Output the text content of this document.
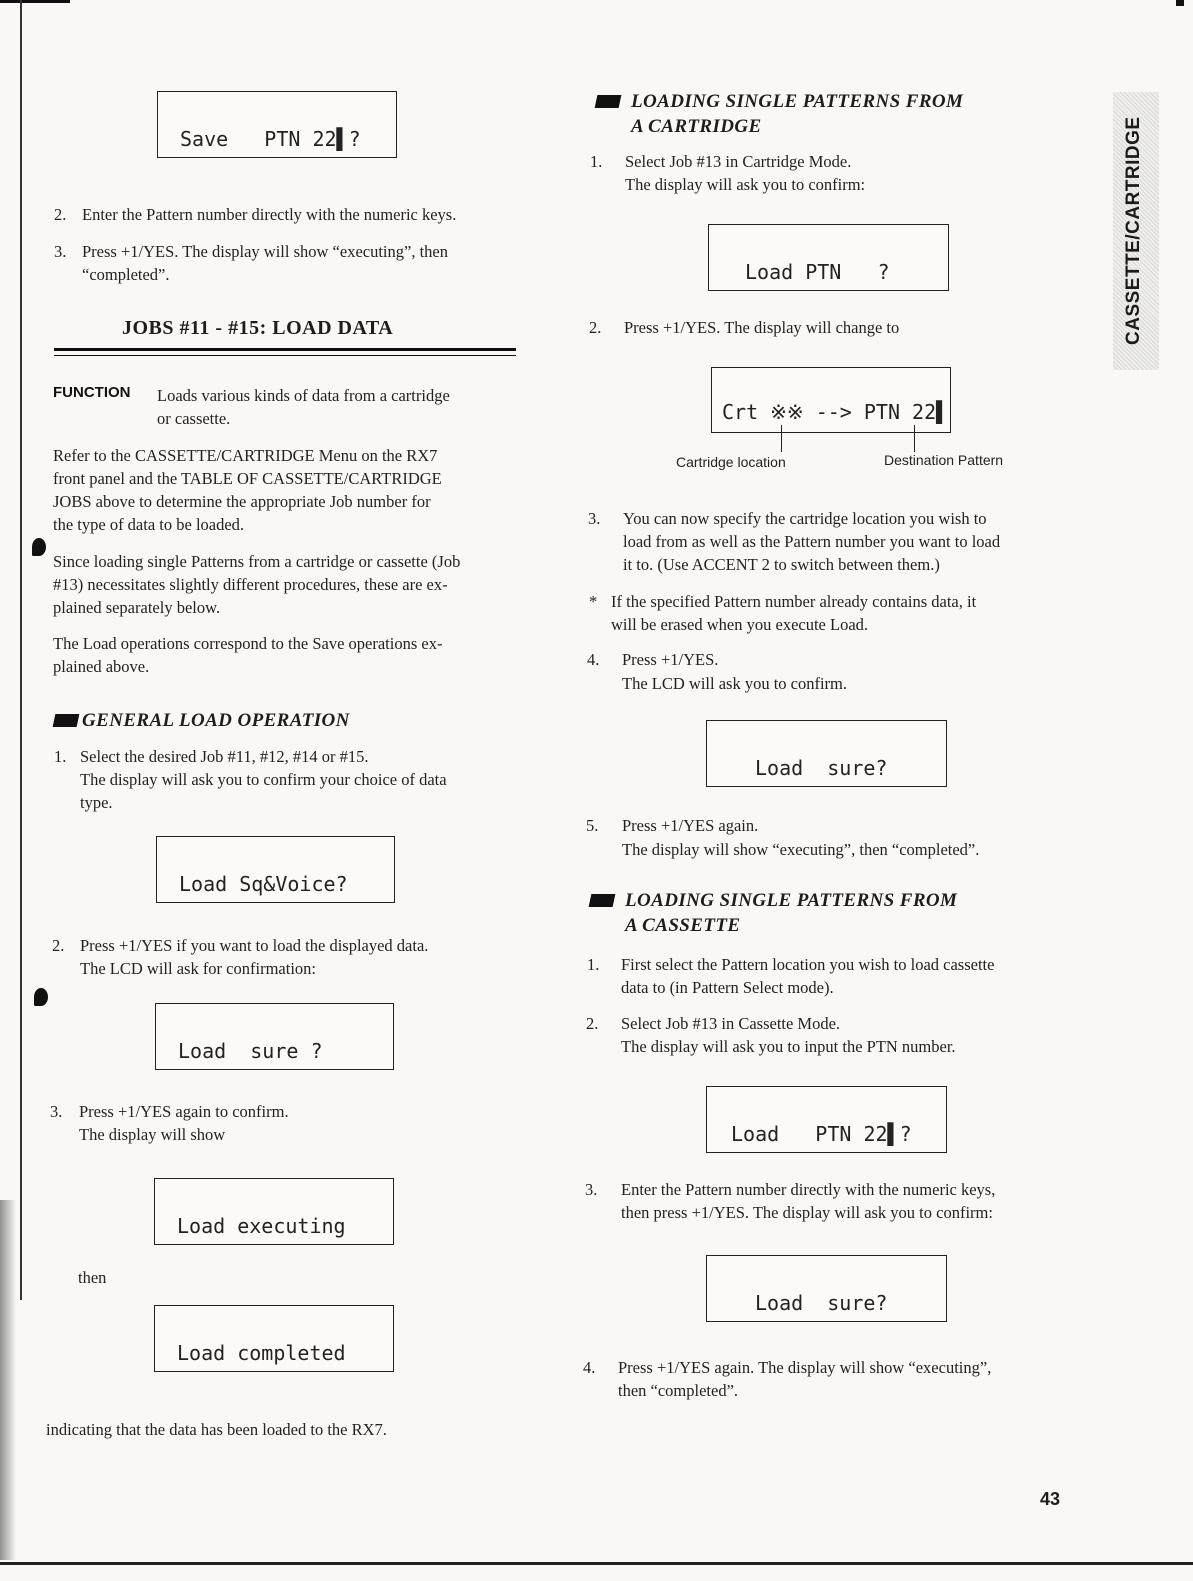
Save   PTN 22▌?
2. Enter the Pattern number directly with the numeric keys.
3. Press +1/YES. The display will show “executing”, then
“completed”.
JOBS #11 - #15: LOAD DATA
FUNCTION Loads various kinds of data from a cartridge
or cassette.
Refer to the CASSETTE/CARTRIDGE Menu on the RX7
front panel and the TABLE OF CASSETTE/CARTRIDGE
JOBS above to determine the appropriate Job number for
the type of data to be loaded.
Since loading single Patterns from a cartridge or cassette (Job
#13) necessitates slightly different procedures, these are ex-
plained separately below.
The Load operations correspond to the Save operations ex-
plained above.
GENERAL LOAD OPERATION
1. Select the desired Job #11, #12, #14 or #15.
The display will ask you to confirm your choice of data
type.
Load Sq&Voice?
2. Press +1/YES if you want to load the displayed data.
The LCD will ask for confirmation:
Load  sure ?
3. Press +1/YES again to confirm.
The display will show
Load executing
then
Load completed
indicating that the data has been loaded to the RX7.
LOADING SINGLE PATTERNS FROM
A CARTRIDGE
1. Select Job #13 in Cartridge Mode.
The display will ask you to confirm:
Load PTN   ?
2. Press +1/YES. The display will change to
Crt ※※ --> PTN 22▌
Cartridge location	Destination Pattern
3. You can now specify the cartridge location you wish to
load from as well as the Pattern number you want to load
it to. (Use ACCENT 2 to switch between them.)
* If the specified Pattern number already contains data, it
will be erased when you execute Load.
4. Press +1/YES.
The LCD will ask you to confirm.
Load  sure?
5. Press +1/YES again.
The display will show “executing”, then “completed”.
LOADING SINGLE PATTERNS FROM
A CASSETTE
1. First select the Pattern location you wish to load cassette
data to (in Pattern Select mode).
2. Select Job #13 in Cassette Mode.
The display will ask you to input the PTN number.
Load   PTN 22▌?
3. Enter the Pattern number directly with the numeric keys,
then press +1/YES. The display will ask you to confirm:
Load  sure?
4. Press +1/YES again. The display will show “executing”,
then “completed”.
CASSETTE/CARTRIDGE
43
